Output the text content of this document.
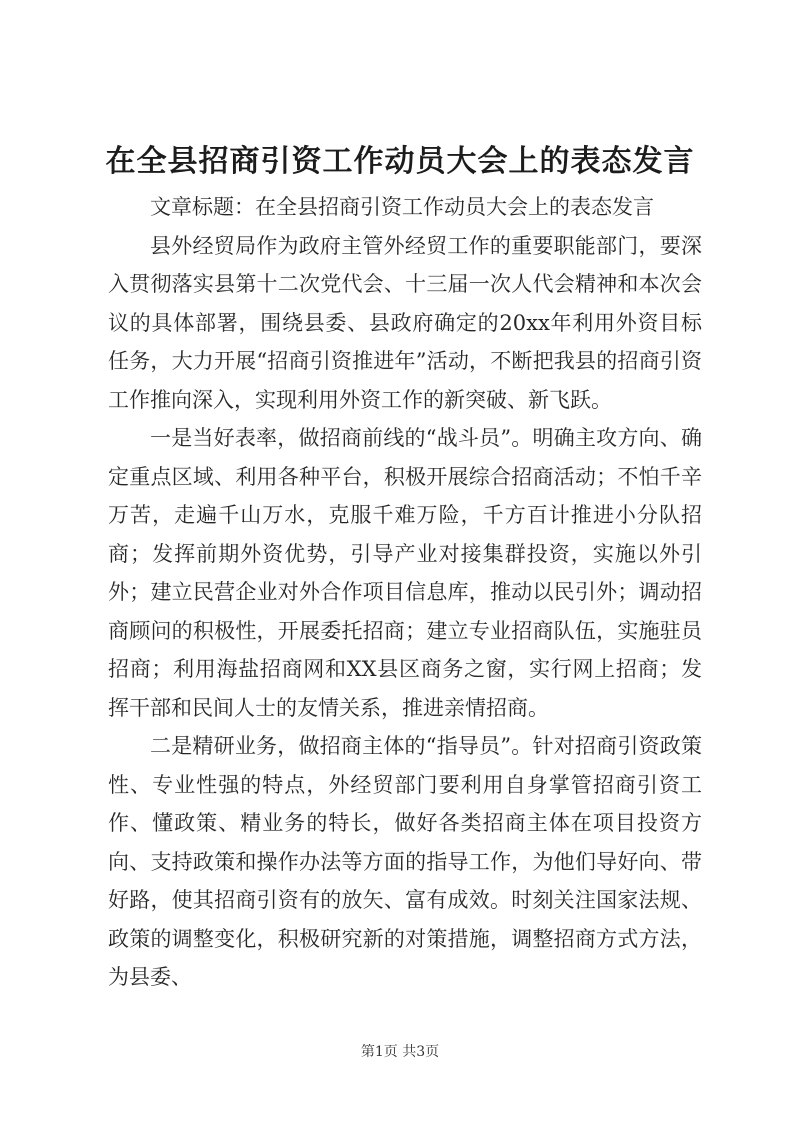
在全县招商引资工作动员大会上的表态发言

文章标题：在全县招商引资工作动员大会上的表态发言

县外经贸局作为政府主管外经贸工作的重要职能部门，要深入贯彻落实县第十二次党代会、十三届一次人代会精神和本次会议的具体部署，围绕县委、县政府确定的20xx年利用外资目标任务，大力开展“招商引资推进年”活动，不断把我县的招商引资工作推向深入，实现利用外资工作的新突破、新飞跃。

一是当好表率，做招商前线的“战斗员”。明确主攻方向、确定重点区域、利用各种平台，积极开展综合招商活动；不怕千辛万苦，走遍千山万水，克服千难万险，千方百计推进小分队招商；发挥前期外资优势，引导产业对接集群投资，实施以外引外；建立民营企业对外合作项目信息库，推动以民引外；调动招商顾问的积极性，开展委托招商；建立专业招商队伍，实施驻员招商；利用海盐招商网和XX县区商务之窗，实行网上招商；发挥干部和民间人士的友情关系，推进亲情招商。

二是精研业务，做招商主体的“指导员”。针对招商引资政策性、专业性强的特点，外经贸部门要利用自身掌管招商引资工作、懂政策、精业务的特长，做好各类招商主体在项目投资方向、支持政策和操作办法等方面的指导工作，为他们导好向、带好路，使其招商引资有的放矢、富有成效。时刻关注国家法规、政策的调整变化，积极研究新的对策措施，调整招商方式方法，为县委、

第1页 共3页
